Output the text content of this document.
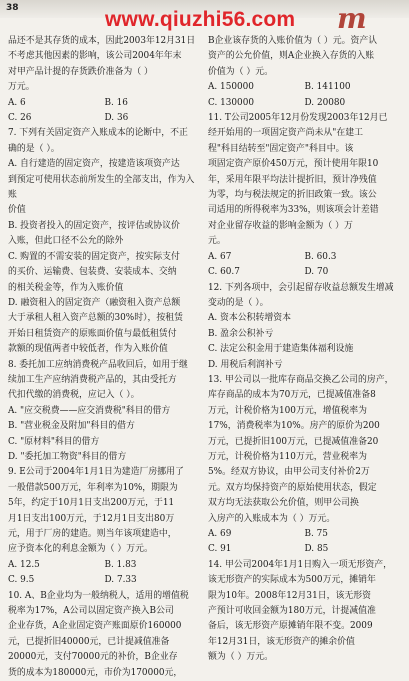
38	www.qiuzhi56.com m

品还不是其存货的成本，因此2003年12月31日

不考虑其他因素的影响，该公司2004年年末

对甲产品计提的存货跌价准备为（ ）

万元。

A. 6	B. 16
C. 26	D. 36

7. 下列有关固定资产入账成本的论断中，不正

确的是（ ）。

A. 自行建造的固定资产，按建造该项资产达

到预定可使用状态前所发生的全部支出，作为入账

价值

B. 投资者投入的固定资产，按评估或协议价

入账，但此口径不公允的除外

C. 购置的不需安装的固定资产，按实际支付

的买价、运输费、包装费、安装成本、交纳

的相关税金等，作为入账价值

D. 融资租入的固定资产（融资租入资产总额

大于承租人租入资产总额的30%时），按租赁

开始日租赁资产的原账面价值与最低租赁付

款额的现值两者中较低者，作为入账价值

8. 委托加工应纳消费税产品收回后，如用于继

续加工生产应纳消费税产品的，其由受托方

代扣代缴的消费税，应记入（ ）。

A. "应交税费——应交消费税"科目的借方

B. "营业税金及附加"科目的借方

C. "原材料"科目的借方

D. "委托加工物资"科目的借方

9. E公司于2004年1月1日为建造厂房挪用了

一般借款500万元，年利率为10%，期限为

5年，约定于10月1日支出200万元，于11

月1日支出100万元，于12月1日支出80万

元，用于厂房的建造。则当年该项建造中，

应予资本化的利息金额为（ ）万元。

A. 12.5	B. 1.83
C. 9.5	D. 7.33

10. A、B企业均为一般纳税人，适用的增值税

税率为17%，A公司以固定资产换入B公司

企业存货，A企业固定资产账面原价160000

元，已提折旧40000元，已计提减值准备

20000元，支付70000元的补价，B企业存

货的成本为180000元，市价为170000元，

B企业该存货的入账价值为（ ）元。资产认

资产的公允价值，则A企业换入存货的入账

价值为（ ）元。

A. 150000	B. 141100
C. 130000	D. 20080

11. T公司2005年12月份发现2003年12月已

经开始用的一项固定资产尚未从"在建工

程"科目结转至"固定资产"科目中。该

项固定资产原价450万元，预计使用年限10

年，采用年限平均法计提折旧，预计净残值

为零，均与税法规定的折旧政策一致。该公

司适用的所得税率为33%，则该项会计差错

对企业留存收益的影响金额为（ ）万

元。

A. 67	B. 60.3
C. 60.7	D. 70

12. 下列各项中，会引起留存收益总额发生增减

变动的是（ ）。

A. 资本公积转增资本

B. 盈余公积补亏

C. 法定公积金用于建造集体福利设施

D. 用税后利润补亏

13. 甲公司以一批库存商品交换乙公司的房产，

库存商品的成本为70万元，已提减值准备8

万元，计税价格为100万元，增值税率为

17%，消费税率为10%。房产的原价为200

万元，已提折旧100万元，已提减值准备20

万元，计税价格为110万元，营业税率为

5%。经双方协议，由甲公司支付补价2万

元。双方均保持资产的原始使用状态，假定

双方均无法获取公允价值，则甲公司换

入房产的入账成本为（ ）万元。

A. 69	B. 75
C. 91	D. 85

14. 甲公司2004年1月1日购入一项无形资产，

该无形资产的实际成本为500万元，摊销年

限为10年。2008年12月31日，该无形资

产预计可收回金额为180万元，计提减值准

备后，该无形资产原摊销年限不变。2009

年12月31日，该无形资产的摊余价值

额为（ ）万元。
